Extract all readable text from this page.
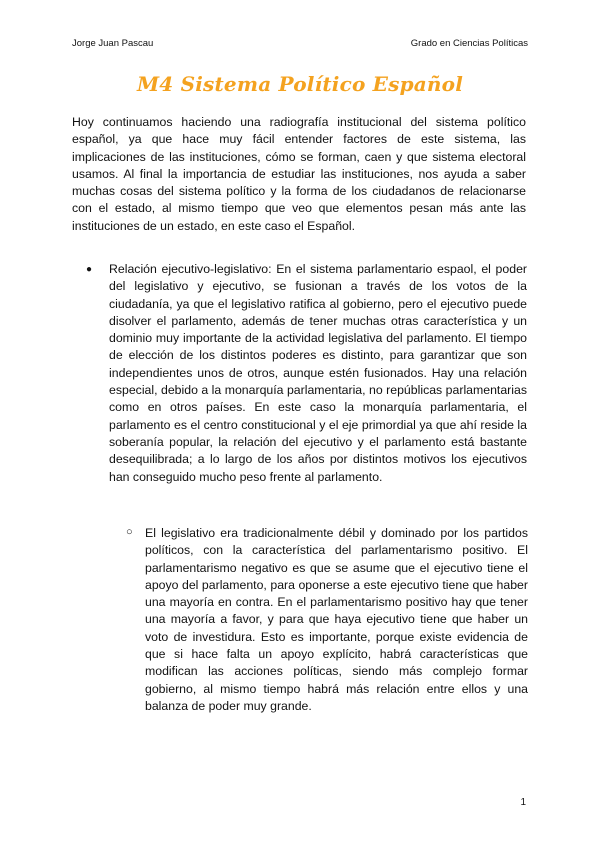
Jorge Juan Pascau	Grado en Ciencias Políticas
M4 Sistema Político Español

Hoy continuamos haciendo una radiografía institucional del sistema político español, ya que hace muy fácil entender factores de este sistema, las implicaciones de las instituciones, cómo se forman, caen y que sistema electoral usamos. Al final la importancia de estudiar las instituciones, nos ayuda a saber muchas cosas del sistema político y la forma de los ciudadanos de relacionarse con el estado, al mismo tiempo que veo que elementos pesan más ante las instituciones de un estado, en este caso el Español.

● Relación ejecutivo-legislativo: En el sistema parlamentario espaol, el poder del legislativo y ejecutivo, se fusionan a través de los votos de la ciudadanía, ya que el legislativo ratifica al gobierno, pero el ejecutivo puede disolver el parlamento, además de tener muchas otras característica y un dominio muy importante de la actividad legislativa del parlamento. El tiempo de elección de los distintos poderes es distinto, para garantizar que son independientes unos de otros, aunque estén fusionados. Hay una relación especial, debido a la monarquía parlamentaria, no repúblicas parlamentarias como en otros países. En este caso la monarquía parlamentaria, el parlamento es el centro constitucional y el eje primordial ya que ahí reside la soberanía popular, la relación del ejecutivo y el parlamento está bastante desequilibrada; a lo largo de los años por distintos motivos los ejecutivos han conseguido mucho peso frente al parlamento.

○ El legislativo era tradicionalmente débil y dominado por los partidos políticos, con la característica del parlamentarismo positivo. El parlamentarismo negativo es que se asume que el ejecutivo tiene el apoyo del parlamento, para oponerse a este ejecutivo tiene que haber una mayoría en contra. En el parlamentarismo positivo hay que tener una mayoría a favor, y para que haya ejecutivo tiene que haber un voto de investidura. Esto es importante, porque existe evidencia de que si hace falta un apoyo explícito, habrá características que modifican las acciones políticas, siendo más complejo formar gobierno, al mismo tiempo habrá más relación entre ellos y una balanza de poder muy grande.

1
